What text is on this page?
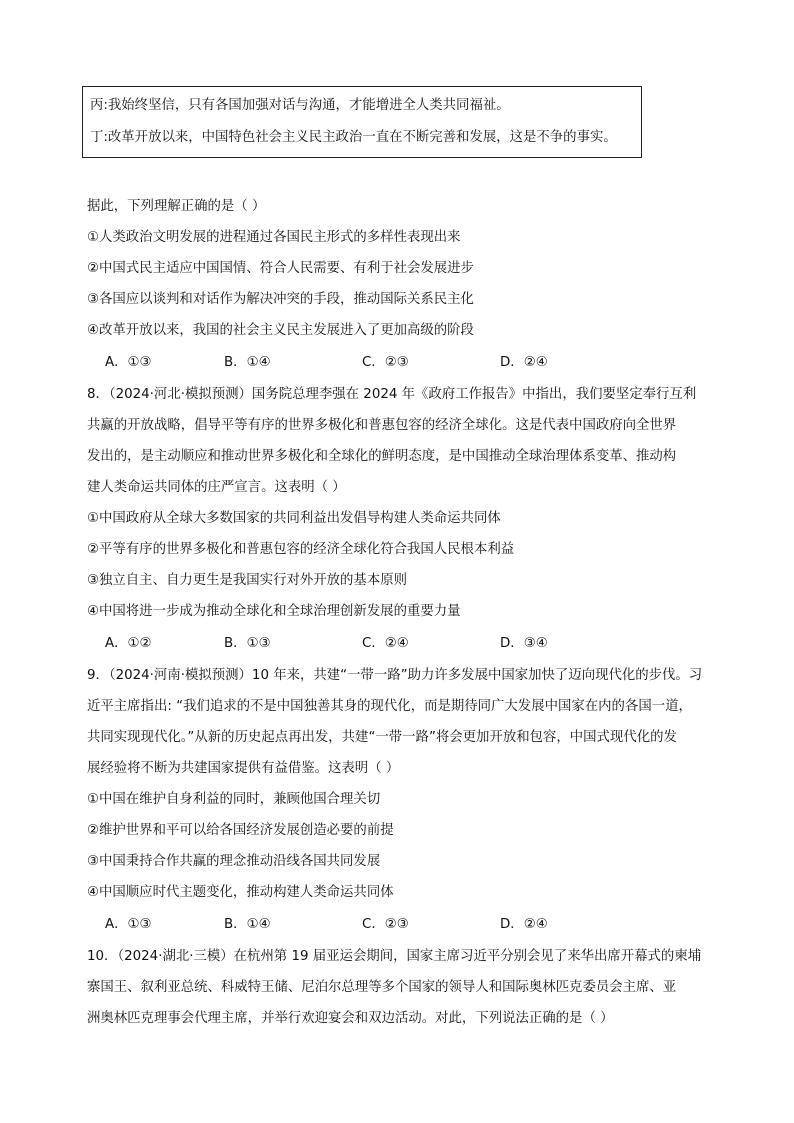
丙:我始终坚信，只有各国加强对话与沟通，才能增进全人类共同福祉。
丁:改革开放以来，中国特色社会主义民主政治一直在不断完善和发展，这是不争的事实。
据此，下列理解正确的是（ ）
①人类政治文明发展的进程通过各国民主形式的多样性表现出来
②中国式民主适应中国国情、符合人民需要、有利于社会发展进步
③各国应以谈判和对话作为解决冲突的手段，推动国际关系民主化
④改革开放以来，我国的社会主义民主发展进入了更加高级的阶段
A．①③	B．①④	C．②③	D．②④
8．（2024·河北·模拟预测）国务院总理李强在 2024 年《政府工作报告》中指出，我们要坚定奉行互利
共赢的开放战略，倡导平等有序的世界多极化和普惠包容的经济全球化。这是代表中国政府向全世界
发出的，是主动顺应和推动世界多极化和全球化的鲜明态度，是中国推动全球治理体系变革、推动构
建人类命运共同体的庄严宣言。这表明（ ）
①中国政府从全球大多数国家的共同利益出发倡导构建人类命运共同体
②平等有序的世界多极化和普惠包容的经济全球化符合我国人民根本利益
③独立自主、自力更生是我国实行对外开放的基本原则
④中国将进一步成为推动全球化和全球治理创新发展的重要力量
A．①②	B．①③	C．②④	D．③④
9．（2024·河南·模拟预测）10 年来，共建“一带一路”助力许多发展中国家加快了迈向现代化的步伐。习
近平主席指出: “我们追求的不是中国独善其身的现代化，而是期待同广大发展中国家在内的各国一道，
共同实现现代化。”从新的历史起点再出发，共建“一带一路”将会更加开放和包容，中国式现代化的发
展经验将不断为共建国家提供有益借鉴。这表明（ ）
①中国在维护自身利益的同时，兼顾他国合理关切
②维护世界和平可以给各国经济发展创造必要的前提
③中国秉持合作共赢的理念推动沿线各国共同发展
④中国顺应时代主题变化，推动构建人类命运共同体
A．①③	B．①④	C．②③	D．②④
10．（2024·湖北·三模）在杭州第 19 届亚运会期间，国家主席习近平分别会见了来华出席开幕式的柬埔
寨国王、叙利亚总统、科威特王储、尼泊尔总理等多个国家的领导人和国际奥林匹克委员会主席、亚
洲奥林匹克理事会代理主席，并举行欢迎宴会和双边活动。对此，下列说法正确的是（ ）
